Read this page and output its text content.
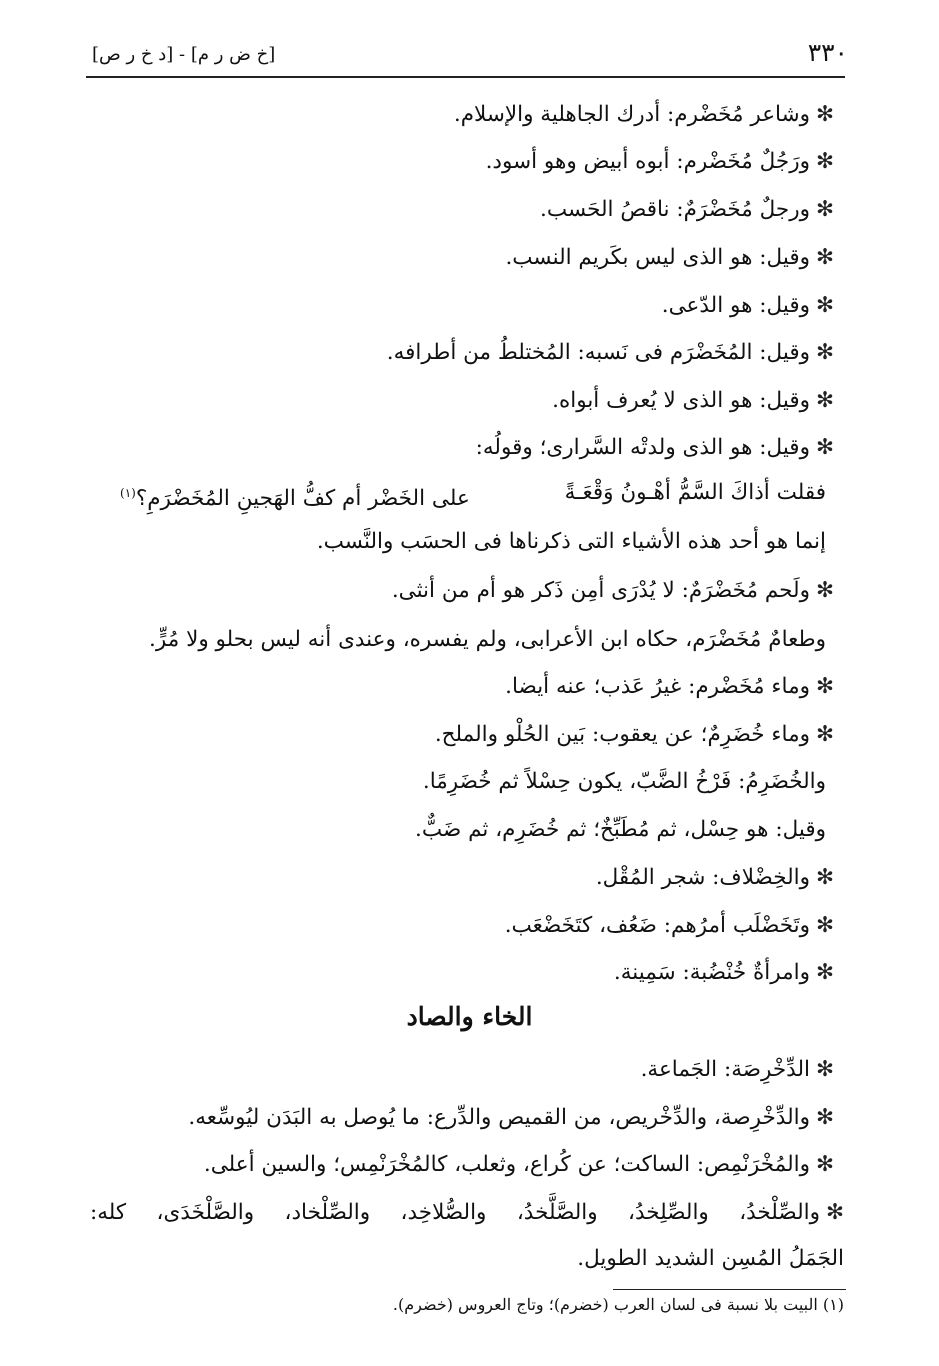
٣٣٠
[خ ض ر م] - [د خ ر ص]
✻وشاعر مُخَضْرم: أدرك الجاهلية والإسلام.
✻ورَجُلٌ مُخَضْرم: أبوه أبيض وهو أسود.
✻ورجلٌ مُخَضْرَمٌ: ناقصُ الحَسب.
✻وقيل: هو الذى ليس بكَريم النسب.
✻وقيل: هو الدّعى.
✻وقيل: المُخَضْرَم فى نَسبه: المُختلطُ من أطرافه.
✻وقيل: هو الذى لا يُعرف أبواه.
✻وقيل: هو الذى ولدتْه السَّرارى؛ وقولُه:
فقلت أذاكَ السَّمُّ أهْـونُ وَقْعَـةً
على الخَضْر أم كفُّ الهَجينِ المُخَضْرَمِ؟$^{(١)}$
إنما هو أحد هذه الأشياء التى ذكرناها فى الحسَب والنَّسب.
✻ولَحم مُخَضْرَمٌ: لا يُدْرَى أمِن ذَكر هو أم من أنثى.
وطعامٌ مُخَضْرَم، حكاه ابن الأعرابى، ولم يفسره، وعندى أنه ليس بحلو ولا مُرٍّ.
✻وماء مُخَضْرم: غيرُ عَذب؛ عنه أيضا.
✻وماء خُضَرِمٌ؛ عن يعقوب: بَين الحُلْو والملح.
والخُضَرِمُ: فَرْخُ الضَّبّ، يكون حِسْلاً ثم خُضَرِمًا.
وقيل: هو حِسْل، ثم مُطَبِّخٌ؛ ثم خُضَرِم، ثم ضَبٌّ.
✻والخِضْلاف: شجر المُقْل.
✻وتَخَضْلَب أمرُهم: ضَعُف، كتَخَضْعَب.
✻وامرأةٌ خُنْضُبة: سَمِينة.
الخاء والصاد
✻الدِّخْرِصَة: الجَماعة.
✻والدِّخْرِصة، والدِّخْريص، من القميص والدِّرع: ما يُوصل به البَدَن ليُوسِّعه.
✻والمُخْرَنْمِص: الساكت؛ عن كُراع، وثعلب، كالمُخْرَنْمِس؛ والسين أعلى.
✻والصِّلْخدُ، والصِّلِخدُ، والصَّلَّخدُ، والصُّلاخِد، والصِّلْخاد، والصَّلْخَدَى، كله:
الجَمَلُ المُسِن الشديد الطويل.
(١) البيت بلا نسبة فى لسان العرب (خضرم)؛ وتاج العروس (خضرم).
